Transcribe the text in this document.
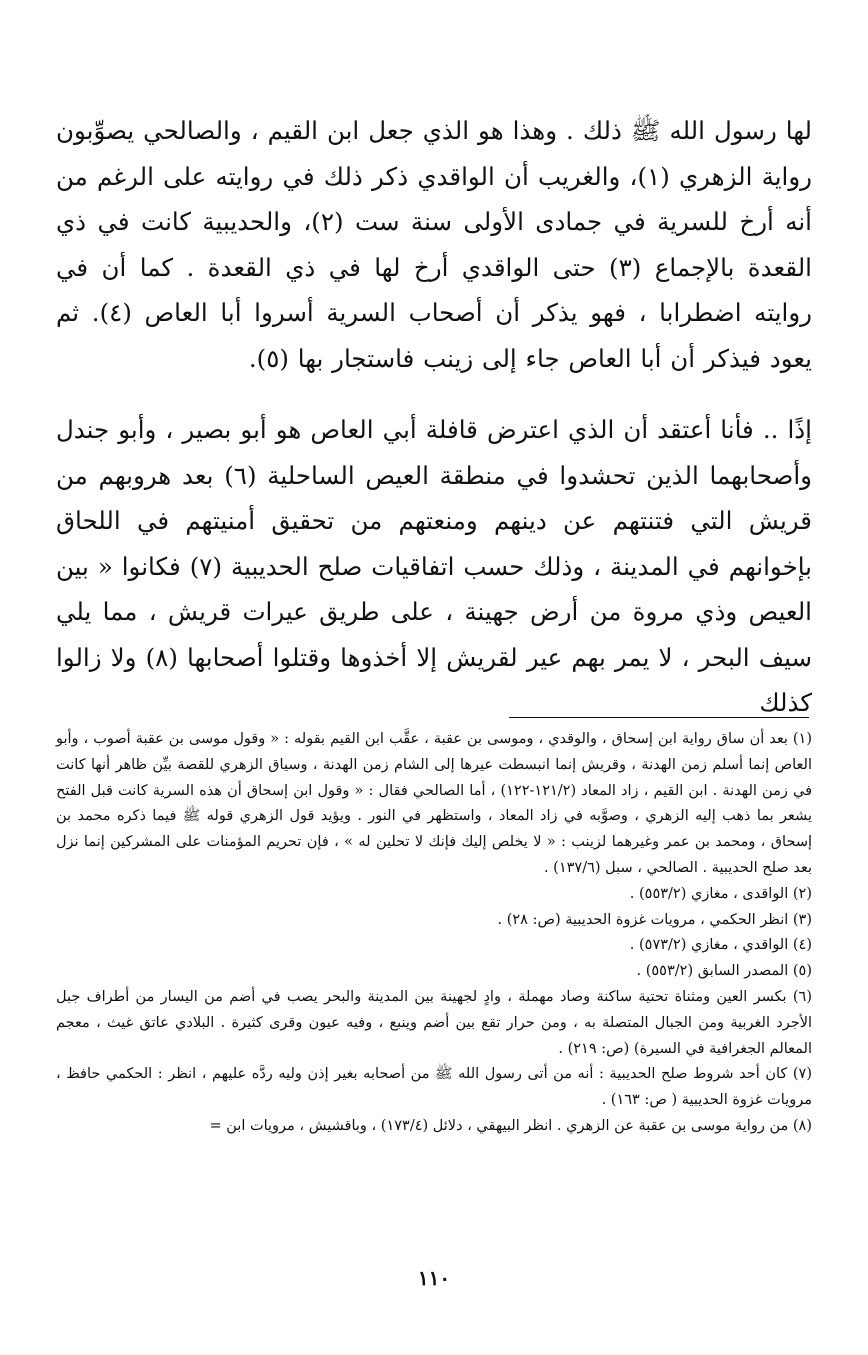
لها رسول الله ﷺ ذلك . وهذا هو الذي جعل ابن القيم ، والصالحي يصوِّبون رواية الزهري (١)، والغريب أن الواقدي ذكر ذلك في روايته على الرغم من أنه أرخ للسرية في جمادى الأولى سنة ست (٢)، والحديبية كانت في ذي القعدة بالإجماع (٣) حتى الواقدي أرخ لها في ذي القعدة . كما أن في روايته اضطرابا ، فهو يذكر أن أصحاب السرية أسروا أبا العاص (٤). ثم يعود فيذكر أن أبا العاص جاء إلى زينب فاستجار بها (٥).

إذًا .. فأنا أعتقد أن الذي اعترض قافلة أبي العاص هو أبو بصير ، وأبو جندل وأصحابهما الذين تحشدوا في منطقة العيص الساحلية (٦) بعد هروبهم من قريش التي فتنتهم عن دينهم ومنعتهم من تحقيق أمنيتهم في اللحاق بإخوانهم في المدينة ، وذلك حسب اتفاقيات صلح الحديبية (٧) فكانوا « بين العيص وذي مروة من أرض جهينة ، على طريق عيرات قريش ، مما يلي سيف البحر ، لا يمر بهم عير لقريش إلا أخذوها وقتلوا أصحابها (٨) ولا زالوا كذلك

(١) بعد أن ساق رواية ابن إسحاق ، والوقدي ، وموسى بن عقبة ، عقَّب ابن القيم بقوله : « وقول موسى بن عقبة أصوب ، وأبو العاص إنما أسلم زمن الهدنة ، وقريش إنما انبسطت عيرها إلى الشام زمن الهدنة ، وسياق الزهري للقصة بيِّن ظاهر أنها كانت في زمن الهدنة . ابن القيم ، زاد المعاد (١٢١/٢-١٢٢) ، أما الصالحي فقال : « وقول ابن إسحاق أن هذه السرية كانت قبل الفتح يشعر بما ذهب إليه الزهري ، وصوَّبه في زاد المعاد ، واستظهر في النور . ويؤيد قول الزهري قوله ﷺ فيما ذكره محمد بن إسحاق ، ومحمد بن عمر وغيرهما لزينب : « لا يخلص إليك فإنك لا تحلين له » ، فإن تحريم المؤمنات على المشركين إنما نزل بعد صلح الحديبية . الصالحي ، سبل (١٣٧/٦) .

(٢) الواقدى ، مغازي (٥٥٣/٢) .

(٣) انظر الحكمي ، مرويات غزوة الحديبية (ص: ٢٨) .

(٤) الواقدي ، مغازي (٥٧٣/٢) .

(٥) المصدر السابق (٥٥٣/٢) .

(٦) بكسر العين ومثناة تحتية ساكنة وصاد مهملة ، وادٍ لجهينة بين المدينة والبحر يصب في أضم من اليسار من أطراف جبل الأجرد الغربية ومن الجبال المتصلة به ، ومن حرار تقع بين أضم وينبع ، وفيه عيون وقرى كثيرة . البلادي عاتق غيث ، معجم المعالم الجغرافية في السيرة) (ص: ٢١٩) .

(٧) كان أحد شروط صلح الحديبية : أنه من أتى رسول الله ﷺ من أصحابه بغير إذن وليه ردَّه عليهم ، انظر : الحكمي حافظ ، مرويات غزوة الحديبية ( ص: ١٦٣) .

(٨) من رواية موسى بن عقبة عن الزهري . انظر البيهقي ، دلائل (١٧٣/٤) ، وباقشيش ، مرويات ابن =

١١٠
